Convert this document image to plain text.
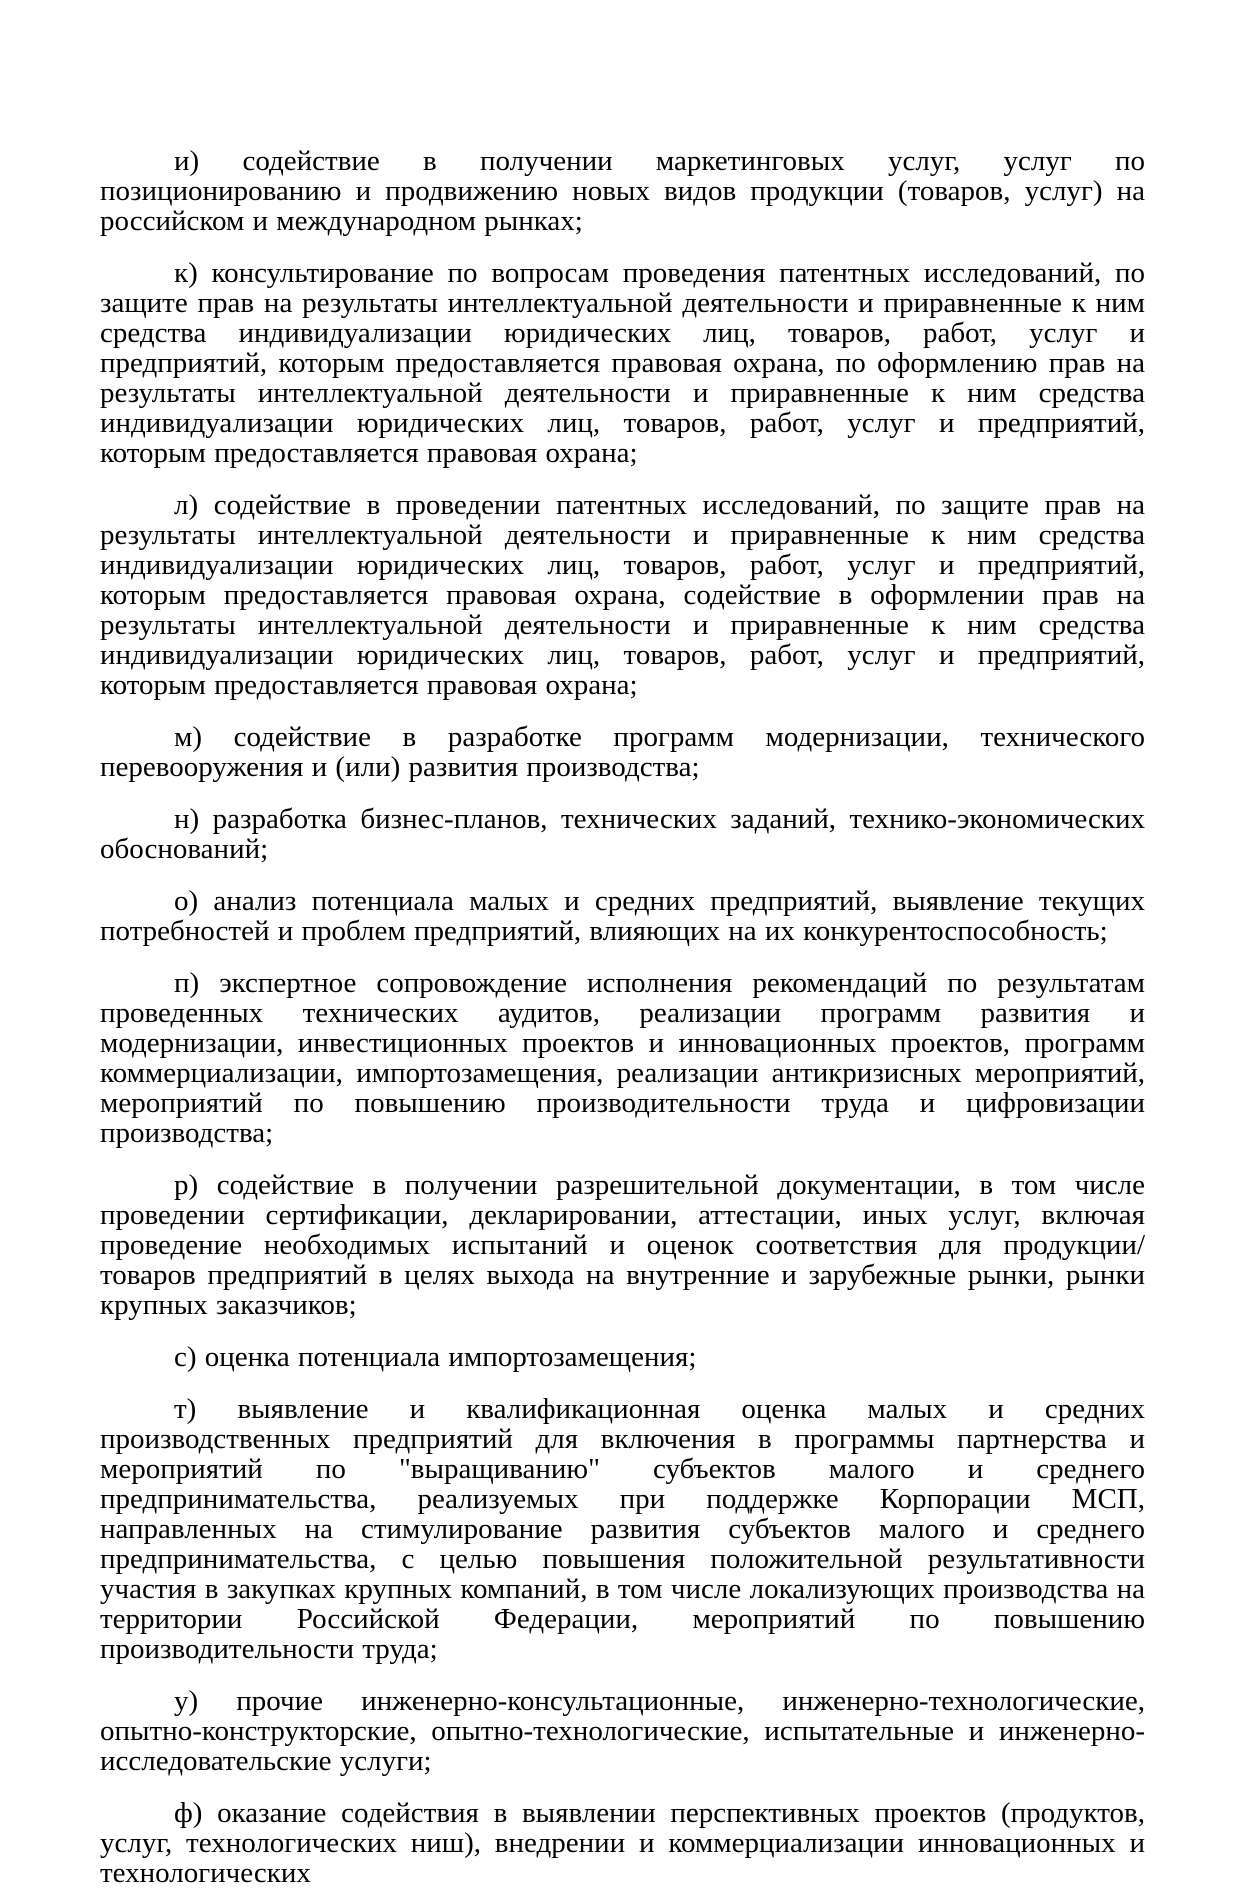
и) содействие в получении маркетинговых услуг, услуг по позиционированию и продвижению новых видов продукции (товаров, услуг) на российском и международном рынках;

к) консультирование по вопросам проведения патентных исследований, по защите прав на результаты интеллектуальной деятельности и приравненные к ним средства индивидуализации юридических лиц, товаров, работ, услуг и предприятий, которым предоставляется правовая охрана, по оформлению прав на результаты интеллектуальной деятельности и приравненные к ним средства индивидуализации юридических лиц, товаров, работ, услуг и предприятий, которым предоставляется правовая охрана;

л) содействие в проведении патентных исследований, по защите прав на результаты интеллектуальной деятельности и приравненные к ним средства индивидуализации юридических лиц, товаров, работ, услуг и предприятий, которым предоставляется правовая охрана, содействие в оформлении прав на результаты интеллектуальной деятельности и приравненные к ним средства индивидуализации юридических лиц, товаров, работ, услуг и предприятий, которым предоставляется правовая охрана;

м) содействие в разработке программ модернизации, технического перевооружения и (или) развития производства;

н) разработка бизнес-планов, технических заданий, технико-экономических обоснований;

о) анализ потенциала малых и средних предприятий, выявление текущих потребностей и проблем предприятий, влияющих на их конкурентоспособность;

п) экспертное сопровождение исполнения рекомендаций по результатам проведенных технических аудитов, реализации программ развития и модернизации, инвестиционных проектов и инновационных проектов, программ коммерциализации, импортозамещения, реализации антикризисных мероприятий, мероприятий по повышению производительности труда и цифровизации производства;

р) содействие в получении разрешительной документации, в том числе проведении сертификации, декларировании, аттестации, иных услуг, включая проведение необходимых испытаний и оценок соответствия для продукции/товаров предприятий в целях выхода на внутренние и зарубежные рынки, рынки крупных заказчиков;

с) оценка потенциала импортозамещения;

т) выявление и квалификационная оценка малых и средних производственных предприятий для включения в программы партнерства и мероприятий по "выращиванию" субъектов малого и среднего предпринимательства, реализуемых при поддержке Корпорации МСП, направленных на стимулирование развития субъектов малого и среднего предпринимательства, с целью повышения положительной результативности участия в закупках крупных компаний, в том числе локализующих производства на территории Российской Федерации, мероприятий по повышению производительности труда;

у) прочие инженерно-консультационные, инженерно-технологические, опытно-конструкторские, опытно-технологические, испытательные и инженерно-исследовательские услуги;

ф) оказание содействия в выявлении перспективных проектов (продуктов, услуг, технологических ниш), внедрении и коммерциализации инновационных и технологических
